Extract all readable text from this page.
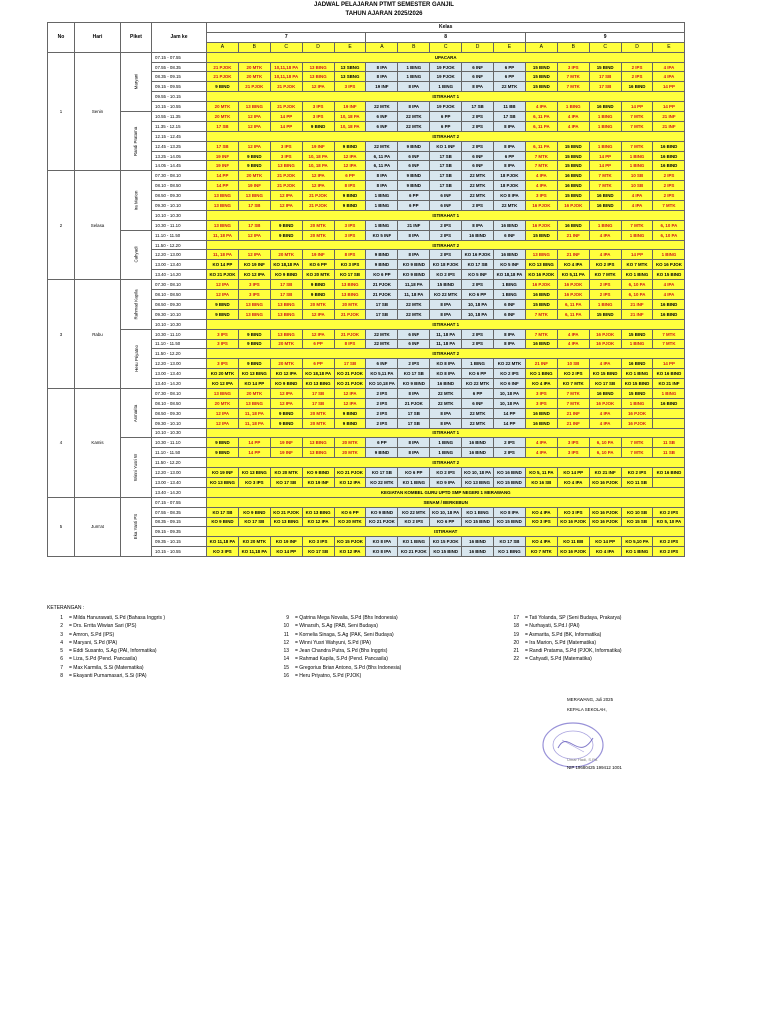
JADWAL PELAJARAN PTMT SEMESTER GANJIL
TAHUN AJARAN 2025/2026
No	Hari	Piket	Jam ke	Kelas														
				7					8					9				
				A	B	C	D	E	A	B	C	D	E	A	B	C	D	E
1	Senin	Maryani	07.15 - 07.55	UPACARA														
			07.55 - 08.35	21 PJOK	20 MTK	10,11,18 PA	13 BING	13 SBNG	8 IPA	1 BING	19 PJOK	6 INF	6 PP	15 BIND	3 IPS	15 BIND	2 IPS	4 IPA
			08.35 - 09.15	21 PJOK	20 MTK	10,11,18 PA	13 BING	13 SBNG	8 IPA	1 BING	19 PJOK	6 INF	6 PP	15 BIND	7 MTK	17 SB	2 IPS	4 IPA
			09.15 - 09.55	9 BIND	21 PJOK	21 PJOK	12 IPA	3 IPS	19 INF	8 IPA	1 BING	8 IPA	22 MTK	15 BIND	7 MTK	17 SB	16 BIND	14 PP
			09.55 - 10.15	ISTIRAHAT 1														
			10.15 - 10.55	20 MTK	13 BING	21 PJOK	3 IPS	19 INF	22 MTK	8 IPA	19 PJOK	17 SB	11 BB	4 IPA	1 BING	16 BIND	14 PP	14 PP
		Randi Pratama	10.55 - 11.35	20 MTK	12 IPA	14 PP	3 IPS	10, 18 PA	6 INF	22 MTK	6 PP	2 IPS	17 SB	6, 11 PA	4 IPA	1 BING	7 MTK	21 INF
			11.35 - 12.15	17 SB	12 IPA	14 PP	9 BIND	10, 18 PA	6 INF	22 MTK	6 PP	2 IPS	8 IPA	6, 11 PA	4 IPA	1 BING	7 MTK	21 INF
			12.15 - 12.45	ISTIRAHAT 2														
			12.45 - 13.25	17 SB	12 IPA	3 IPS	19 INF	9 BIND	22 MTK	9 BIND	KO 1 INF	2 IPS	8 IPA	6, 11 PA	15 BIND	1 BING	7 MTK	16 BIND
			13.25 - 14.05	19 INF	9 BIND	3 IPS	10, 18 PA	12 IPA	6, 11 PA	6 INF	17 SB	6 INF	6 PP	7 MTK	15 BIND	14 PP	1 BING	16 BIND
			14.05 - 14.45	19 INF	9 BIND	13 BING	10, 18 PA	12 IPA	6, 11 PA	6 INF	17 SB	6 INF	8 IPA	7 MTK	15 BIND	14 PP	1 BING	16 BIND
2	Selasa	Ira Marion	07.30 - 08.10	14 PP	20 MTK	21 PJOK	12 IPA	6 PP	8 IPA	9 BIND	17 SB	22 MTK	18 PJOK	4 IPA	16 BIND	7 MTK	10 SB	2 IPS
			08.10 - 08.50	14 PP	19 INF	21 PJOK	12 IPA	8 IPS	8 IPA	9 BIND	17 SB	22 MTK	18 PJOK	4 IPA	16 BIND	7 MTK	10 SB	2 IPS
			08.50 - 09.30	13 BING	13 BING	12 IPA	21 PJOK	9 BIND	1 BING	6 PP	6 INF	22 MTK	KO 8 IPA	3 IPS	15 BIND	16 BIND	4 IPA	2 IPS
			09.30 - 10.10	13 BING	17 SB	12 IPA	21 PJOK	9 BIND	1 BING	6 PP	6 INF	2 IPS	22 MTK	16 PJOK	16 PJOK	16 BIND	4 IPA	7 MTK
			10.10 - 10.30	ISTIRAHAT 1														
			10.30 - 11.10	13 BING	17 SB	9 BIND	20 MTK	3 IPS	1 BING	21 INF	2 IPS	8 IPA	16 BIND	16 PJOK	16 BIND	1 BING	7 MTK	6, 10 PA
		Cahyadi	11.10 - 11.50	11, 18 PA	12 IPA	9 BIND	20 MTK	3 IPS	KO 5 INF	8 IPA	2 IPS	16 BIND	6 INF	15 BIND	21 INF	4 IPA	1 BING	6, 10 PA
			11.50 - 12.20	ISTIRAHAT 2														
			12.20 - 13.00	11, 18 PA	12 IPA	20 MTK	19 INF	8 IPS	9 BIND	8 IPA	2 IPS	KO 16 PJOK	16 BIND	13 BING	21 INF	4 IPA	14 PP	1 BING
			13.00 - 13.40	KO 14 PP	KO 19 INF	KO 18,18 PA	KO 6 PP	KO 3 IPS	9 BIND	KO 9 BIND	KO 18 PJOK	KO 17 SB	KO 5 INF	KO 13 BING	KO 4 IPA	KO 2 IPS	KO 7 MTK	KO 16 PJOK
			13.40 - 14.20	KO 21 PJOK	KO 12 IPA	KO 9 BIND	KO 20 MTK	KO 17 SB	KO 6 PP	KO 9 BIND	KO 2 IPS	KO 5 INF	KO 18,18 PA	KO 16 PJOK	KO 5,11 PA	KO 7 MTK	KO 1 BING	KO 15 BIND
3	Rabu	Rahmad Kapila	07.30 - 08.10	12 IPA	3 IPS	17 SB	9 BIND	13 BING	21 PJOK	11,18 PA	15 BIND	2 IPS	1 BING	16 PJOK	16 PJOK	2 IPS	6, 10 PA	4 IPA
			08.10 - 08.50	12 IPA	3 IPS	17 SB	9 BIND	13 BING	21 PJOK	11, 18 PA	KO 22 MTK	KO 6 PP	1 BING	16 BIND	16 PJOK	2 IPS	6, 10 PA	4 IPA
			08.50 - 09.30	9 BIND	13 BING	13 BING	20 MTK	20 MTK	17 SB	22 MTK	8 IPA	10, 18 PA	6 INF	15 BIND	6, 11 PA	1 BING	21 INF	16 BIND
			09.30 - 10.10	9 BIND	13 BING	13 BING	12 IPA	21 PJOK	17 SB	22 MTK	8 IPA	10, 18 PA	6 INF	7 MTK	6, 11 PA	15 BIND	21 INF	16 BIND
			10.10 - 10.30	ISTIRAHAT 1														
		Heru Priyatno	10.30 - 11.10	3 IPS	9 BIND	13 BING	12 IPA	21 PJOK	22 MTK	6 INF	11, 18 PA	2 IPS	8 IPA	7 MTK	4 IPA	16 PJOK	15 BIND	7 MTK
			11.10 - 11.50	3 IPS	9 BIND	20 MTK	6 PP	8 IPS	22 MTK	6 INF	11, 18 PA	2 IPS	8 IPA	16 BIND	4 IPA	16 PJOK	1 BING	7 MTK
			11.50 - 12.20	ISTIRAHAT 2														
			12.20 - 13.00	3 IPS	9 BIND	20 MTK	6 PP	17 SB	6 INF	2 IPS	KO 8 IPA	1 BING	KO 22 MTK	21 INF	10 SB	4 IPA	16 BIND	14 PP
			13.00 - 13.40	KO 20 MTK	KO 13 BING	KO 12 IPA	KO 18,18 PA	KO 21 PJOK	KO 5,11 PA	KO 17 SB	KO 8 IPA	KO 6 PP	KO 2 IPS	KO 1 BING	KO 2 IPS	KO 15 BIND	KO 1 BING	KO 16 BIND
			13.40 - 14.20	KO 12 IPA	KO 14 PP	KO 9 BIND	KO 13 BING	KO 21 PJOK	KO 10,18 PA	KO 9 BIND	16 BIND	KO 22 MTK	KO 6 INF	KO 4 IPA	KO 7 MTK	KO 17 SB	KO 15 BIND	KO 21 INF
4	Kamis	Asmarita	07.30 - 08.10	13 BING	20 MTK	12 IPA	17 SB	12 IPA	2 IPS	8 IPA	22 MTK	6 PP	10, 18 PA	3 IPS	7 MTK	16 BIND	15 BIND	1 BING
			08.10 - 08.50	20 MTK	13 BING	12 IPA	17 SB	12 IPA	2 IPS	21 PJOK	22 MTK	6 INF	10, 18 PA	3 IPS	7 MTK	16 PJOK	1 BING	16 BIND
			08.50 - 09.30	12 IPA	11, 18 PA	9 BIND	20 MTK	9 BIND	2 IPS	17 SB	8 IPA	22 MTK	14 PP	16 BIND	21 INF	4 IPA	16 PJOK	
			09.30 - 10.10	12 IPA	11, 18 PA	9 BIND	20 MTK	9 BIND	2 IPS	17 SB	8 IPA	22 MTK	14 PP	16 BIND	21 INF	4 IPA	16 PJOK	
			10.10 - 10.30	ISTIRAHAT 1														
		Winni Yusri W	10.30 - 11.10	9 BIND	14 PP	19 INF	13 BING	20 MTK	6 PP	8 IPA	1 BING	16 BIND	2 IPS	4 IPA	3 IPS	6, 10 PA	7 MTK	11 SB
			11.10 - 11.50	9 BIND	14 PP	19 INF	13 BING	20 MTK	9 BIND	8 IPA	1 BING	16 BIND	2 IPS	4 IPA	3 IPS	6, 10 PA	7 MTK	11 SB
			11.50 - 12.20	ISTIRAHAT 2														
			12.20 - 13.00	KO 19 INF	KO 13 BING	KO 20 MTK	KO 9 BIND	KO 21 PJOK	KO 17 SB	KO 6 PP	KO 2 IPS	KO 10, 18 PA	KO 16 BIND	KO 5, 11 PA	KO 14 PP	KO 21 INF	KO 2 IPS	KO 16 BIND
			13.00 - 13.40	KO 13 BING	KO 3 IPS	KO 17 SB	KO 19 INF	KO 12 IPA	KO 22 MTK	KO 1 BING	KO 9 IPA	KO 13 BING	KO 15 BIND	KO 16 SB	KO 4 IPA	KO 16 PJOK	KO 11 SB	
			13.40 - 14.20	KEGIATAN KOMBEL GURU UPTD SMP NEGERI 1 MERAWANG														
5	Jum'at	Eka Yanti PS	07.15 - 07.55	SENAM / BERKEBUN														
			07.55 - 08.35	KO 17 SB	KO 9 BIND	KO 21 PJOK	KO 13 BING	KO 6 PP	KO 9 BIND	KO 22 MTK	KO 10, 18 PA	KO 1 BING	KO 8 IPA	KO 4 IPA	KO 3 IPS	KO 16 PJOK	KO 10 SB	KO 2 IPS
			08.35 - 09.15	KO 9 BIND	KO 17 SB	KO 13 BING	KO 12 IPA	KO 20 MTK	KO 21 PJOK	KO 2 IPS	KO 6 PP	KO 15 BIND	KO 15 BIND	KO 3 IPS	KO 16 PJOK	KO 16 PJOK	KO 15 SB	KO 5, 10 PA
			09.15 - 09.35	ISTIRAHAT														
			09.35 - 10.15	KO 11,18 PA	KO 20 MTK	KO 19 INF	KO 3 IPS	KO 15 PJOK	KO 8 IPA	KO 1 BING	KO 15 PJOK	16 BIND	KO 17 SB	KO 4 IPA	KO 11 BB	KO 14 PP	KO 5,10 PA	KO 2 IPS
			10.15 - 10.55	KO 3 IPS	KO 11,18 PA	KO 14 PP	KO 17 SB	KO 12 IPA	KO 8 IPA	KO 21 PJOK	KO 15 BIND	16 BIND	KO 1 BING	KO 7 MTK	KO 16 PJOK	KO 4 IPA	KO 1 BING	KO 2 IPS
KETERANGAN :
1 = Milda Hanurawati, S.Pd (Bahasa Inggris )
2 = Drs. Errita Wiwian Sari (IPS)
3 = Amron, S.Pd (IPS)
4 = Maryani, S.Pd (IPA)
5 = Eddi Susanto, S.Ag (PAI, Informatika)
6 = Liza, S.Pd (Pend. Pancasila)
7 = Max Karmila, S.Si (Matematika)
8 = Ekayanti Purnamasari, S.Si (IPA)
9 = Qatrina Mega Novalia, S.Pd (Bhs Indonesia)
10 = Winarsih, S.Ag (PAB, Seni Budaya)
11 = Kornelia Sinaga, S.Ag (PAK, Seni Budaya)
12 = Winni Yusri Wahyuni, S.Pd (IPA)
13 = Jean Chandra Putra, S.Pd (Bhs Inggris)
14 = Rahmad Kapila, S.Pd (Pend. Pancasila)
15 = Gregorius Brian Antono, S.Pd (Bhs Indonesia)
16 = Heru Priyatno, S.Pd (PJOK)
17 = Tati Yolanda, SP (Seni Budaya, Prakarya)
18 = Nurhayati, S.Pd.I (PAI)
19 = Asmarita, S.Pd (BK, Informatika)
20 = Ira Marion, S.Pd (Matematika)
21 = Randi Pratama, S.Pd (PJOK, Informatika)
22 = Cahyadi, S.Pd (Matematika)
MERAWANG, Juli 2025
KEPALA SEKOLAH,
Umar Hadi, S.Pd.
NIP 19680425 199412 1001
